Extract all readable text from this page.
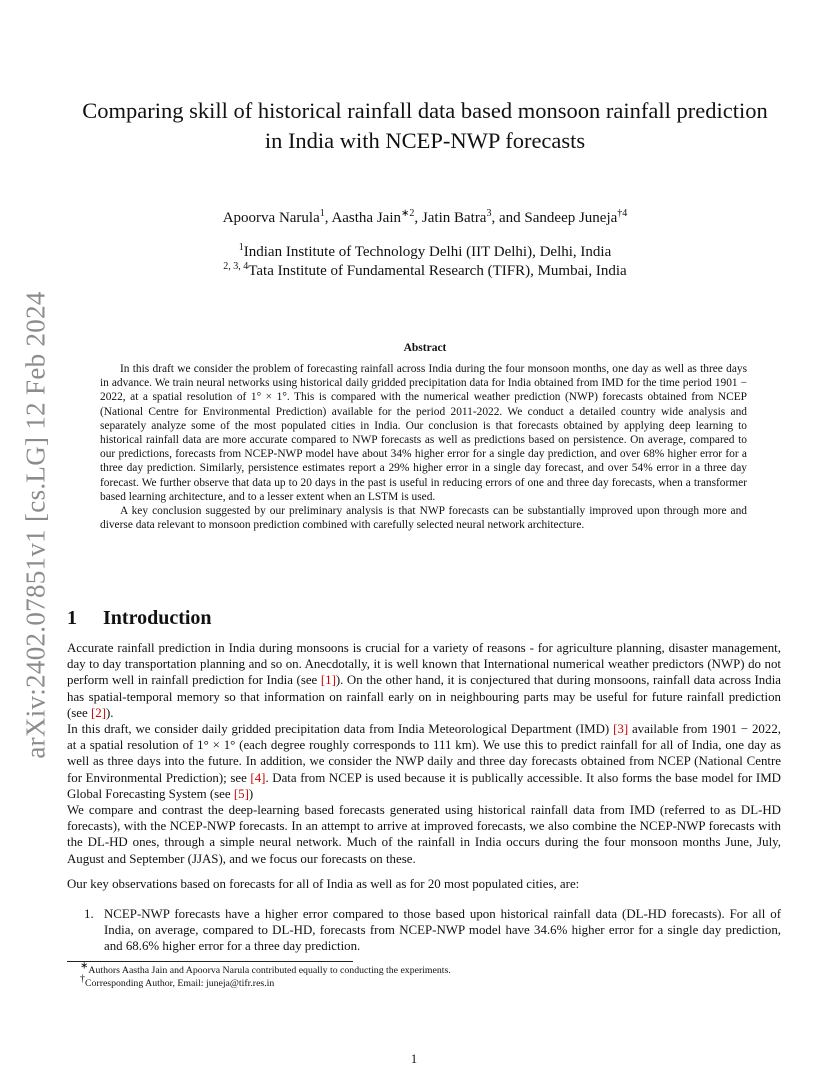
arXiv:2402.07851v1 [cs.LG] 12 Feb 2024
Comparing skill of historical rainfall data based monsoon rainfall prediction
in India with NCEP-NWP forecasts
Apoorva Narula$^1$, Aastha Jain$^{∗2}$, Jatin Batra$^3$, and Sandeep Juneja$^{\dagger 4}$
$^1$Indian Institute of Technology Delhi (IIT Delhi), Delhi, India
$^{2, 3, 4}$Tata Institute of Fundamental Research (TIFR), Mumbai, India
Abstract

In this draft we consider the problem of forecasting rainfall across India during the four monsoon months, one day as well as three days in advance. We train neural networks using historical daily gridded precipitation data for India obtained from IMD for the time period 1901 − 2022, at a spatial resolution of 1° × 1°. This is compared with the numerical weather prediction (NWP) forecasts obtained from NCEP (National Centre for Environmental Prediction) available for the period 2011-2022. We conduct a detailed country wide analysis and separately analyze some of the most populated cities in India. Our conclusion is that forecasts obtained by applying deep learning to historical rainfall data are more accurate compared to NWP forecasts as well as predictions based on persistence. On average, compared to our predictions, forecasts from NCEP-NWP model have about 34% higher error for a single day prediction, and over 68% higher error for a three day prediction. Similarly, persistence estimates report a 29% higher error in a single day forecast, and over 54% error in a three day forecast. We further observe that data up to 20 days in the past is useful in reducing errors of one and three day forecasts, when a transformer based learning architecture, and to a lesser extent when an LSTM is used.

A key conclusion suggested by our preliminary analysis is that NWP forecasts can be substantially improved upon through more and diverse data relevant to monsoon prediction combined with carefully selected neural network architecture.

1 Introduction

Accurate rainfall prediction in India during monsoons is crucial for a variety of reasons - for agriculture planning, disaster management, day to day transportation planning and so on. Anecdotally, it is well known that International numerical weather predictors (NWP) do not perform well in rainfall prediction for India (see [1]). On the other hand, it is conjectured that during monsoons, rainfall data across India has spatial-temporal memory so that information on rainfall early on in neighbouring parts may be useful for future rainfall prediction (see [2]).

In this draft, we consider daily gridded precipitation data from India Meteorological Department (IMD) [3] available from 1901 − 2022, at a spatial resolution of 1° × 1° (each degree roughly corresponds to 111 km). We use this to predict rainfall for all of India, one day as well as three days into the future. In addition, we consider the NWP daily and three day forecasts obtained from NCEP (National Centre for Environmental Prediction); see [4]. Data from NCEP is used because it is publically accessible. It also forms the base model for IMD Global Forecasting System (see [5])

We compare and contrast the deep-learning based forecasts generated using historical rainfall data from IMD (referred to as DL-HD forecasts), with the NCEP-NWP forecasts. In an attempt to arrive at improved forecasts, we also combine the NCEP-NWP forecasts with the DL-HD ones, through a simple neural network. Much of the rainfall in India occurs during the four monsoon months June, July, August and September (JJAS), and we focus our forecasts on these.

Our key observations based on forecasts for all of India as well as for 20 most populated cities, are:

1. NCEP-NWP forecasts have a higher error compared to those based upon historical rainfall data (DL-HD forecasts). For all of India, on average, compared to DL-HD, forecasts from NCEP-NWP model have 34.6% higher error for a single day prediction, and 68.6% higher error for a three day prediction.
∗Authors Aastha Jain and Apoorva Narula contributed equally to conducting the experiments.
†Corresponding Author, Email: juneja@tifr.res.in
1
